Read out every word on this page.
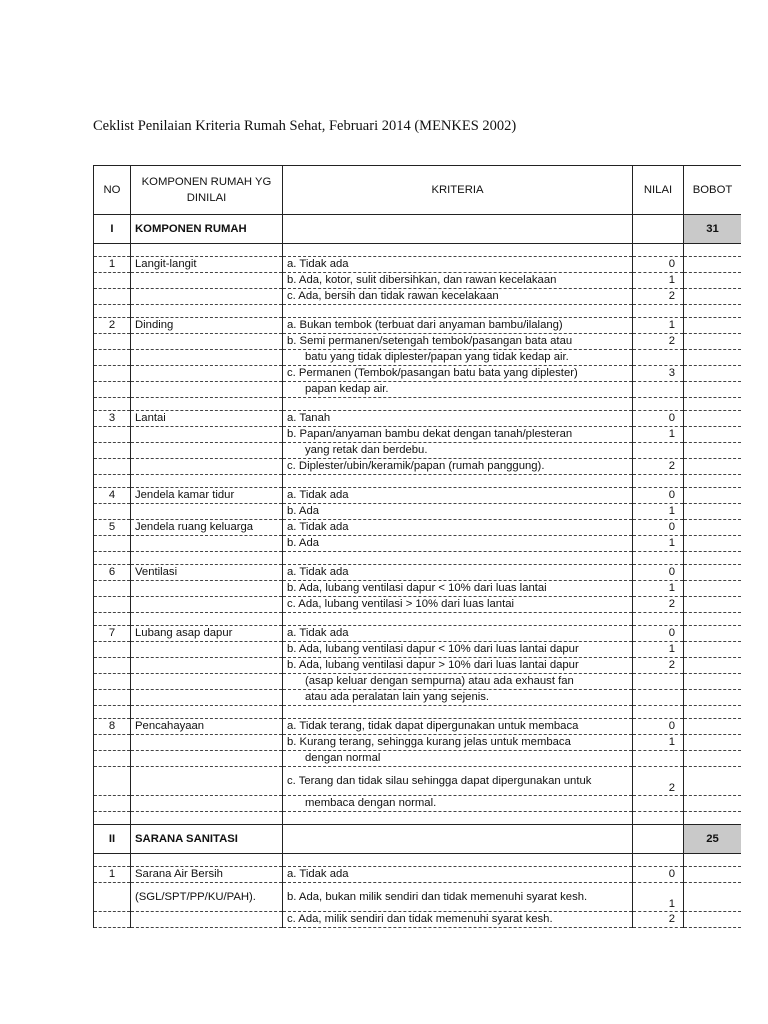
Ceklist Penilaian Kriteria Rumah Sehat, Februari 2014 (MENKES 2002)
NO	KOMPONEN RUMAH YG DINILAI	KRITERIA	NILAI	BOBOT
I	KOMPONEN RUMAH			31

1	Langit-langit	a. Tidak ada	0	
		b. Ada, kotor, sulit dibersihkan, dan rawan kecelakaan	1	
		c. Ada, bersih dan tidak rawan kecelakaan	2	

2	Dinding	a. Bukan tembok (terbuat dari anyaman bambu/ilalang)	1	
		b. Semi permanen/setengah tembok/pasangan bata atau	2	
		batu yang tidak diplester/papan yang tidak kedap air.		
		c. Permanen (Tembok/pasangan batu bata yang diplester)	3	
		papan kedap air.		

3	Lantai	a. Tanah	0	
		b. Papan/anyaman bambu dekat dengan tanah/plesteran	1	
		yang retak dan berdebu.		
		c. Diplester/ubin/keramik/papan (rumah panggung).	2	

4	Jendela kamar tidur	a. Tidak ada	0	
		b. Ada	1	
5	Jendela ruang keluarga	a. Tidak ada	0	
		b. Ada	1	

6	Ventilasi	a. Tidak ada	0	
		b. Ada, lubang ventilasi dapur < 10% dari luas lantai	1	
		c. Ada, lubang ventilasi > 10% dari luas lantai	2	

7	Lubang asap dapur	a. Tidak ada	0	
		b. Ada, lubang ventilasi dapur < 10% dari luas lantai dapur	1	
		b. Ada, lubang ventilasi dapur > 10% dari luas lantai dapur	2	
		(asap keluar dengan sempurna) atau ada exhaust fan		
		atau ada peralatan lain yang sejenis.		

8	Pencahayaan	a. Tidak terang, tidak dapat dipergunakan untuk membaca	0	
		b. Kurang terang, sehingga kurang jelas untuk membaca	1	
		dengan normal		
		c. Terang dan tidak silau sehingga dapat dipergunakan untuk	2	
		membaca dengan normal.		

II	SARANA SANITASI			25

1	Sarana Air Bersih	a. Tidak ada	0	
	(SGL/SPT/PP/KU/PAH).	b. Ada, bukan milik sendiri dan tidak memenuhi syarat kesh.	1	
		c. Ada, milik sendiri dan tidak memenuhi syarat kesh.	2	
